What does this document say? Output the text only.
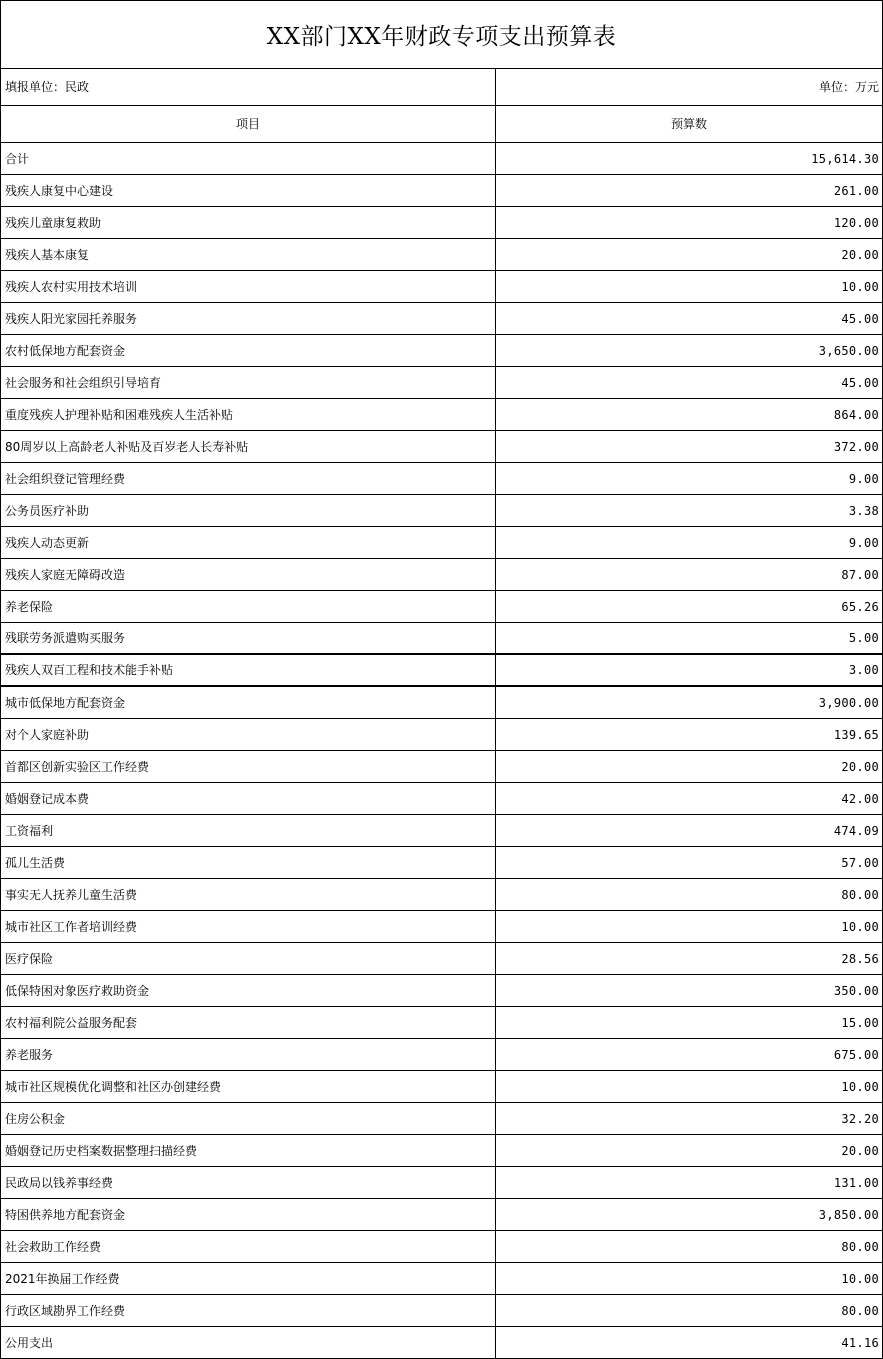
XX部门XX年财政专项支出预算表
填报单位：民政	单位：万元
项目	预算数
合计	15,614.30
残疾人康复中心建设	261.00
残疾儿童康复救助	120.00
残疾人基本康复	20.00
残疾人农村实用技术培训	10.00
残疾人阳光家园托养服务	45.00
农村低保地方配套资金	3,650.00
社会服务和社会组织引导培育	45.00
重度残疾人护理补贴和困难残疾人生活补贴	864.00
80周岁以上高龄老人补贴及百岁老人长寿补贴	372.00
社会组织登记管理经费	9.00
公务员医疗补助	3.38
残疾人动态更新	9.00
残疾人家庭无障碍改造	87.00
养老保险	65.26
残联劳务派遣购买服务	5.00
残疾人双百工程和技术能手补贴	3.00
城市低保地方配套资金	3,900.00
对个人家庭补助	139.65
首都区创新实验区工作经费	20.00
婚姻登记成本费	42.00
工资福利	474.09
孤儿生活费	57.00
事实无人抚养儿童生活费	80.00
城市社区工作者培训经费	10.00
医疗保险	28.56
低保特困对象医疗救助资金	350.00
农村福利院公益服务配套	15.00
养老服务	675.00
城市社区规模优化调整和社区办创建经费	10.00
住房公积金	32.20
婚姻登记历史档案数据整理扫描经费	20.00
民政局以钱养事经费	131.00
特困供养地方配套资金	3,850.00
社会救助工作经费	80.00
2021年换届工作经费	10.00
行政区域勘界工作经费	80.00
公用支出	41.16
